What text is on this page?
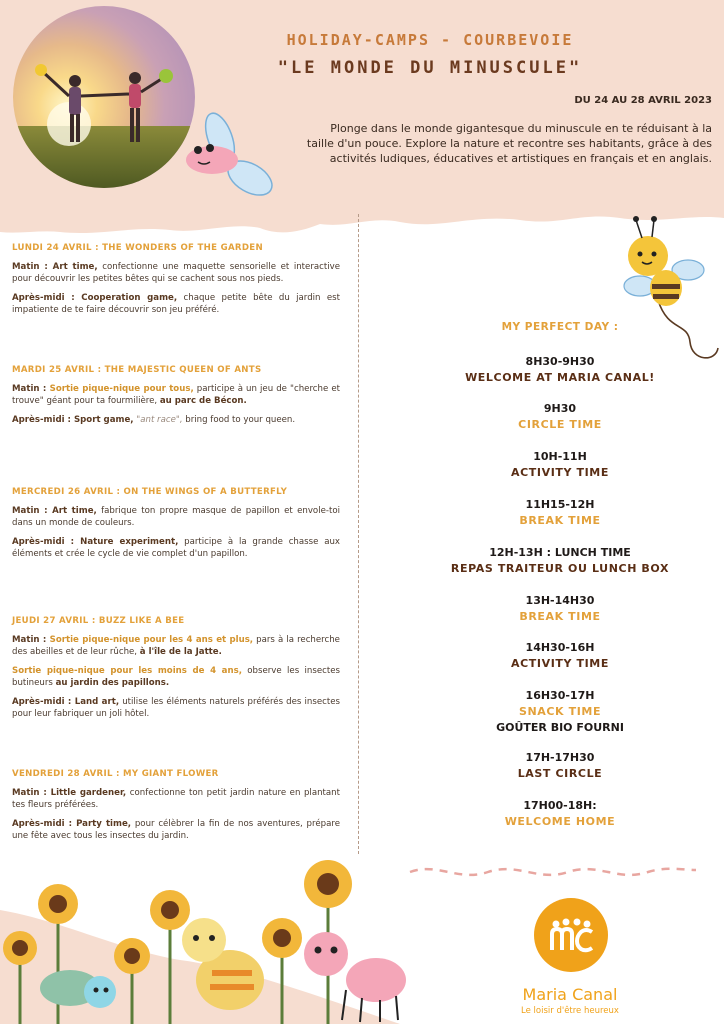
HOLIDAY-CAMPS - COURBEVOIE
"LE MONDE DU MINUSCULE"
DU 24 AU 28 AVRIL 2023
Plonge dans le monde gigantesque du minuscule en te réduisant à la taille d'un pouce. Explore la nature et recontre ses habitants, grâce à des activités ludiques, éducatives et artistiques en français et en anglais.
LUNDI 24 AVRIL : THE WONDERS OF THE GARDEN

Matin : Art time, confectionne une maquette sensorielle et interactive pour découvrir les petites bêtes qui se cachent sous nos pieds.

Après-midi : Cooperation game, chaque petite bête du jardin est impatiente de te faire découvrir son jeu préféré.

MARDI 25 AVRIL : THE MAJESTIC QUEEN OF ANTS

Matin : Sortie pique-nique pour tous, participe à un jeu de "cherche et trouve" géant pour ta fourmilière, au parc de Bécon.

Après-midi : Sport game, "ant race", bring food to your queen.

MERCREDI 26 AVRIL : ON THE WINGS OF A BUTTERFLY

Matin : Art time, fabrique ton propre masque de papillon et envole-toi dans un monde de couleurs.

Après-midi : Nature experiment, participe à la grande chasse aux éléments et crée le cycle de vie complet d'un papillon.

JEUDI 27 AVRIL : BUZZ LIKE A BEE

Matin : Sortie pique-nique pour les 4 ans et plus, pars à la recherche des abeilles et de leur rûche, à l'île de la Jatte.

Sortie pique-nique pour les moins de 4 ans, observe les insectes butineurs au jardin des papillons.

Après-midi : Land art, utilise les éléments naturels préférés des insectes pour leur fabriquer un joli hôtel.

VENDREDI 28 AVRIL : MY GIANT FLOWER

Matin : Little gardener, confectionne ton petit jardin nature en plantant tes fleurs préférées.

Après-midi : Party time, pour célèbrer la fin de nos aventures, prépare une fête avec tous les insectes du jardin.

MY PERFECT DAY :
8H30-9H30
WELCOME AT MARIA CANAL!
9H30
CIRCLE TIME
10H-11H
ACTIVITY TIME
11H15-12H
BREAK TIME
12H-13H : LUNCH TIME
REPAS TRAITEUR OU LUNCH BOX
13H-14H30
BREAK TIME
14H30-16H
ACTIVITY TIME
16H30-17H
SNACK TIME
GOÛTER BIO FOURNI
17H-17H30
LAST CIRCLE
17H00-18H:
WELCOME HOME
Maria Canal
Le loisir d'être heureux
